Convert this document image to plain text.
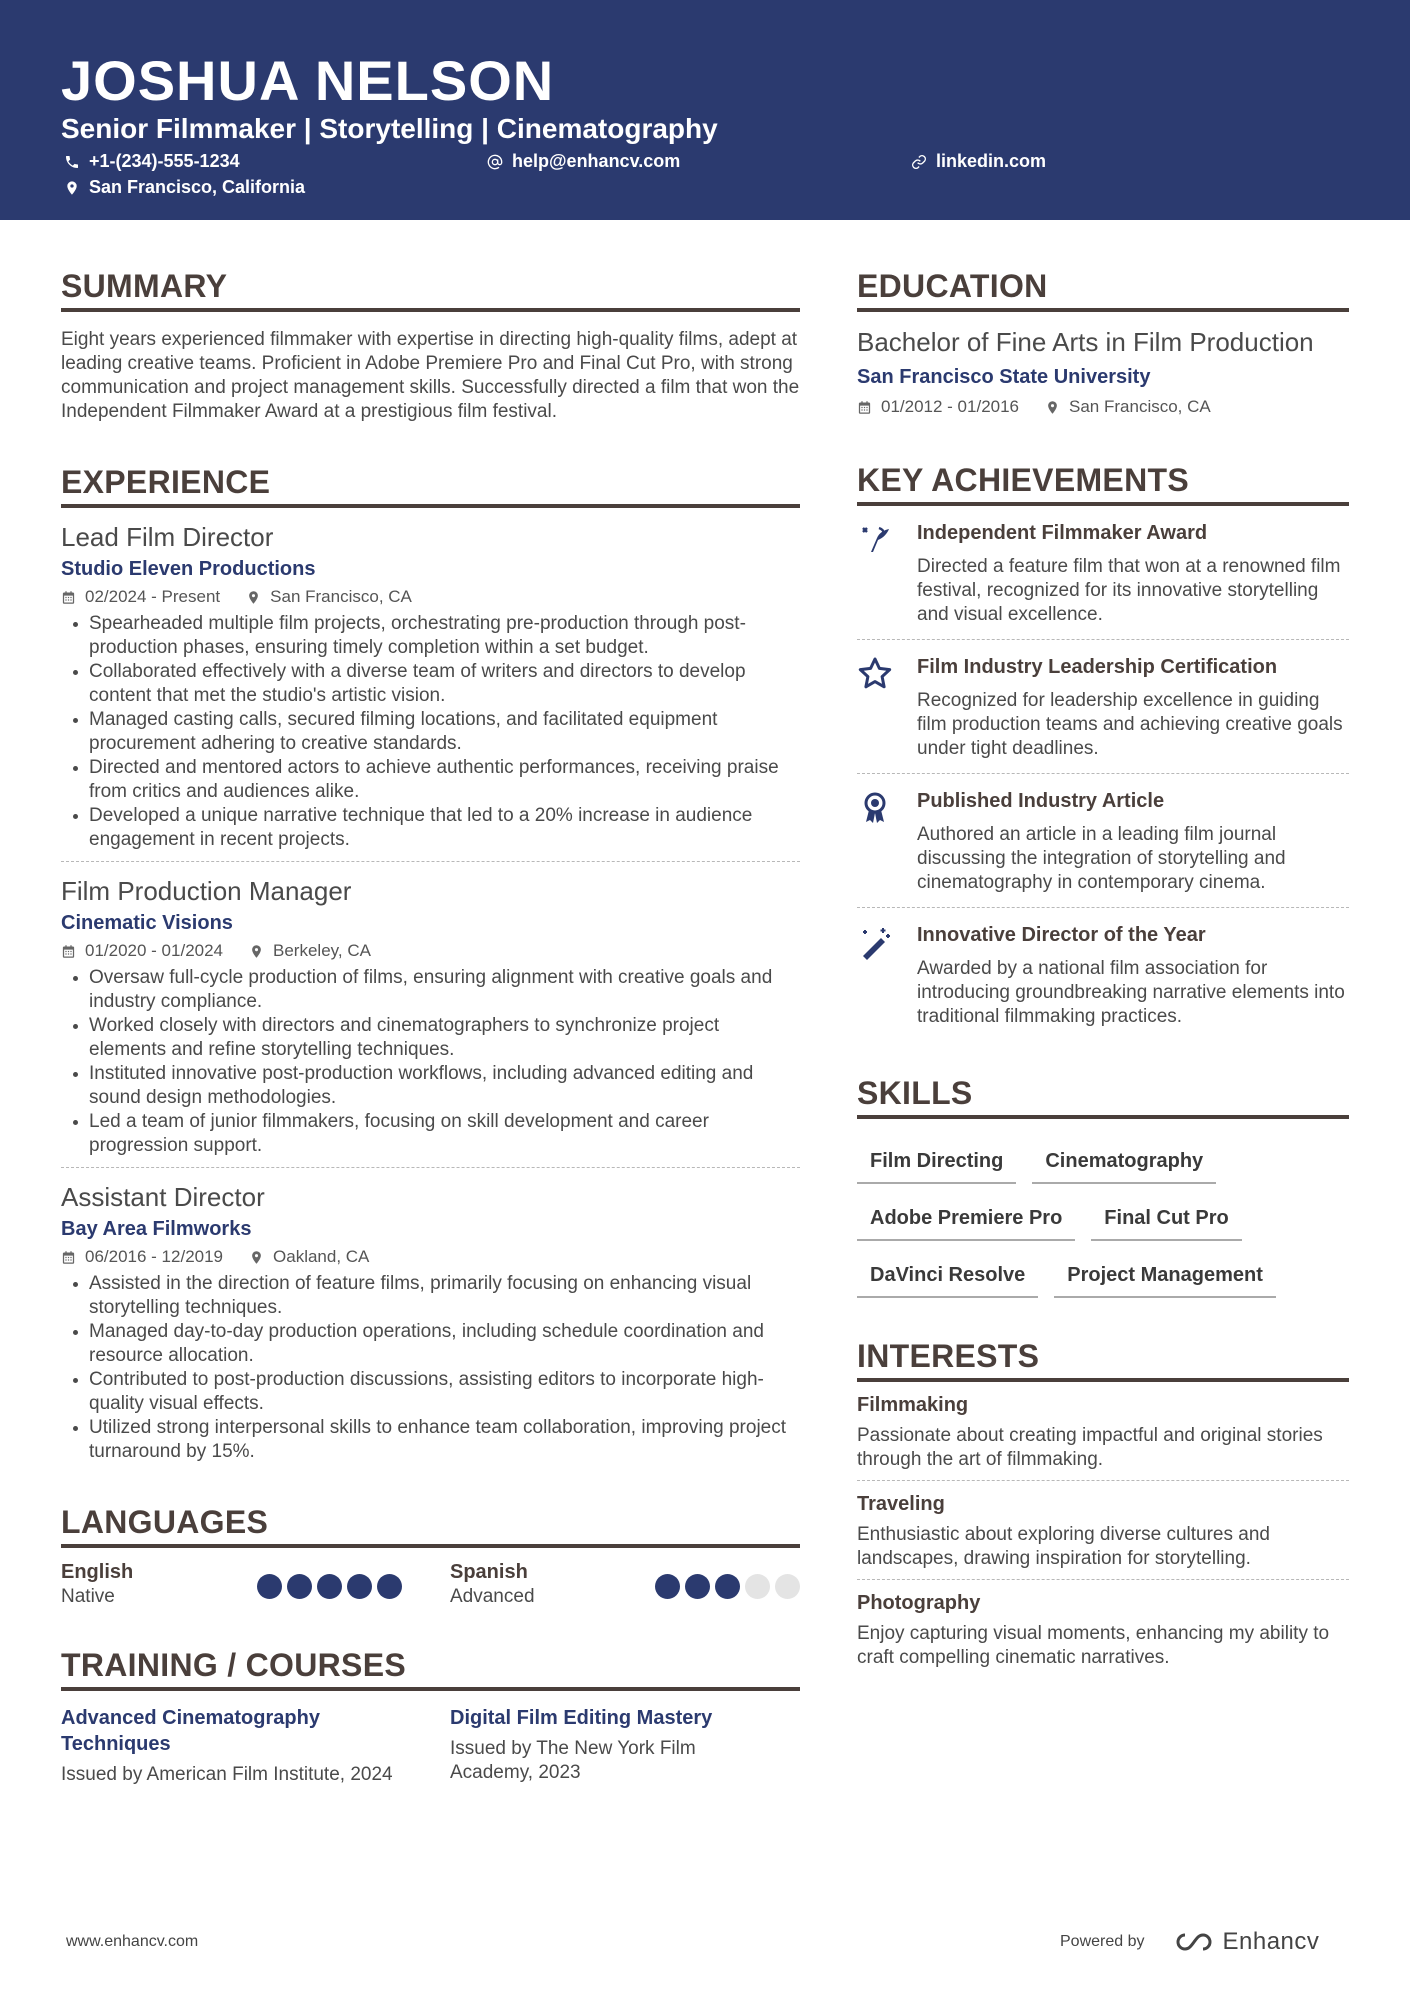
JOSHUA NELSON
Senior Filmmaker | Storytelling | Cinematography
+1-(234)-555-1234	help@enhancv.com	linkedin.com
San Francisco, California
SUMMARY
Eight years experienced filmmaker with expertise in directing high-quality films, adept at leading creative teams. Proficient in Adobe Premiere Pro and Final Cut Pro, with strong communication and project management skills. Successfully directed a film that won the Independent Filmmaker Award at a prestigious film festival.
EXPERIENCE
Lead Film Director
Studio Eleven Productions
02/2024 - Present	San Francisco, CA
Spearheaded multiple film projects, orchestrating pre-production through post-production phases, ensuring timely completion within a set budget.
Collaborated effectively with a diverse team of writers and directors to develop content that met the studio's artistic vision.
Managed casting calls, secured filming locations, and facilitated equipment procurement adhering to creative standards.
Directed and mentored actors to achieve authentic performances, receiving praise from critics and audiences alike.
Developed a unique narrative technique that led to a 20% increase in audience engagement in recent projects.
Film Production Manager
Cinematic Visions
01/2020 - 01/2024	Berkeley, CA
Oversaw full-cycle production of films, ensuring alignment with creative goals and industry compliance.
Worked closely with directors and cinematographers to synchronize project elements and refine storytelling techniques.
Instituted innovative post-production workflows, including advanced editing and sound design methodologies.
Led a team of junior filmmakers, focusing on skill development and career progression support.
Assistant Director
Bay Area Filmworks
06/2016 - 12/2019	Oakland, CA
Assisted in the direction of feature films, primarily focusing on enhancing visual storytelling techniques.
Managed day-to-day production operations, including schedule coordination and resource allocation.
Contributed to post-production discussions, assisting editors to incorporate high-quality visual effects.
Utilized strong interpersonal skills to enhance team collaboration, improving project turnaround by 15%.
LANGUAGES
English
Native
Spanish
Advanced
TRAINING / COURSES
Advanced Cinematography Techniques
Issued by American Film Institute, 2024
Digital Film Editing Mastery
Issued by The New York Film Academy, 2023
EDUCATION
Bachelor of Fine Arts in Film Production
San Francisco State University
01/2012 - 01/2016	San Francisco, CA
KEY ACHIEVEMENTS
Independent Filmmaker Award
Directed a feature film that won at a renowned film festival, recognized for its innovative storytelling and visual excellence.
Film Industry Leadership Certification
Recognized for leadership excellence in guiding film production teams and achieving creative goals under tight deadlines.
Published Industry Article
Authored an article in a leading film journal discussing the integration of storytelling and cinematography in contemporary cinema.
Innovative Director of the Year
Awarded by a national film association for introducing groundbreaking narrative elements into traditional filmmaking practices.
SKILLS
Film Directing	Cinematography
Adobe Premiere Pro	Final Cut Pro
DaVinci Resolve	Project Management
INTERESTS
Filmmaking
Passionate about creating impactful and original stories through the art of filmmaking.
Traveling
Enthusiastic about exploring diverse cultures and landscapes, drawing inspiration for storytelling.
Photography
Enjoy capturing visual moments, enhancing my ability to craft compelling cinematic narratives.
www.enhancv.com	Powered by	Enhancv
